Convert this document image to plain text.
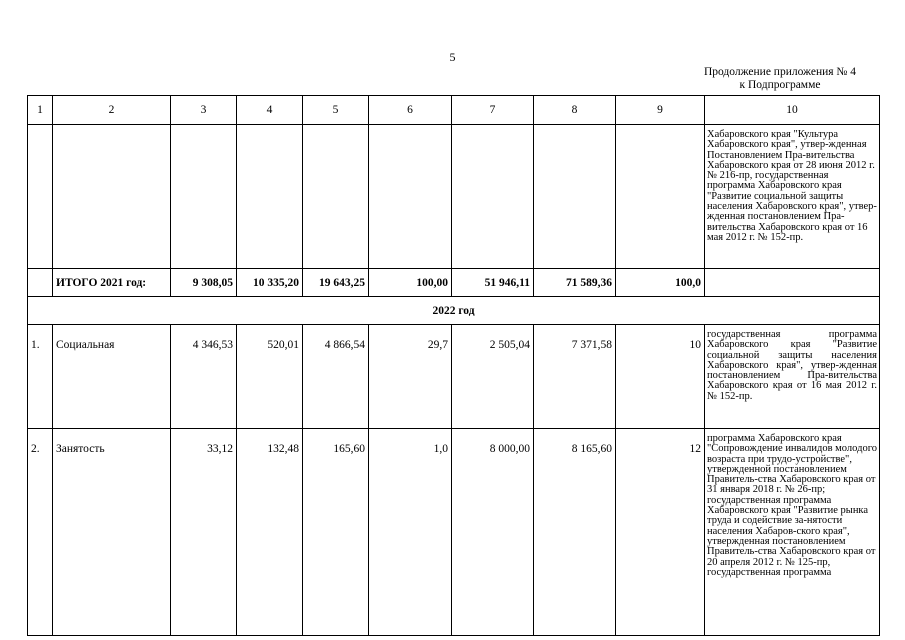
5
Продолжение приложения № 4
к Подпрограмме
1	2	3	4	5	6	7	8	9	10
									Хабаровского края "Культура Хабаровского края", утвер-жденная Постановлением Пра-вительства Хабаровского края от 28 июня 2012 г. № 216-пр, государственная программа Хабаровского края "Развитие социальной защиты населения Хабаровского края", утвер-жденная постановлением Пра-вительства Хабаровского края от 16 мая 2012 г. № 152-пр.
	ИТОГО 2021 год:	9 308,05	10 335,20	19 643,25	100,00	51 946,11	71 589,36	100,0	
2022 год									
1.	Социальная	4 346,53	520,01	4 866,54	29,7	2 505,04	7 371,58	10	государственная программа Хабаровского края "Развитие социальной защиты населения Хабаровского края", утвер-жденная постановлением Пра-вительства Хабаровского края от 16 мая 2012 г. № 152-пр.
2.	Занятость	33,12	132,48	165,60	1,0	8 000,00	8 165,60	12	программа Хабаровского края "Сопровождение инвалидов молодого возраста при трудо-устройстве", утвержденной постановлением Правитель-ства Хабаровского края от 31 января 2018 г. № 26-пр; государственная программа Хабаровского края "Развитие рынка труда и содействие за-нятости населения Хабаров-ского края", утвержденная постановлением Правитель-ства Хабаровского края от 20 апреля 2012 г. № 125-пр, государственная программа
